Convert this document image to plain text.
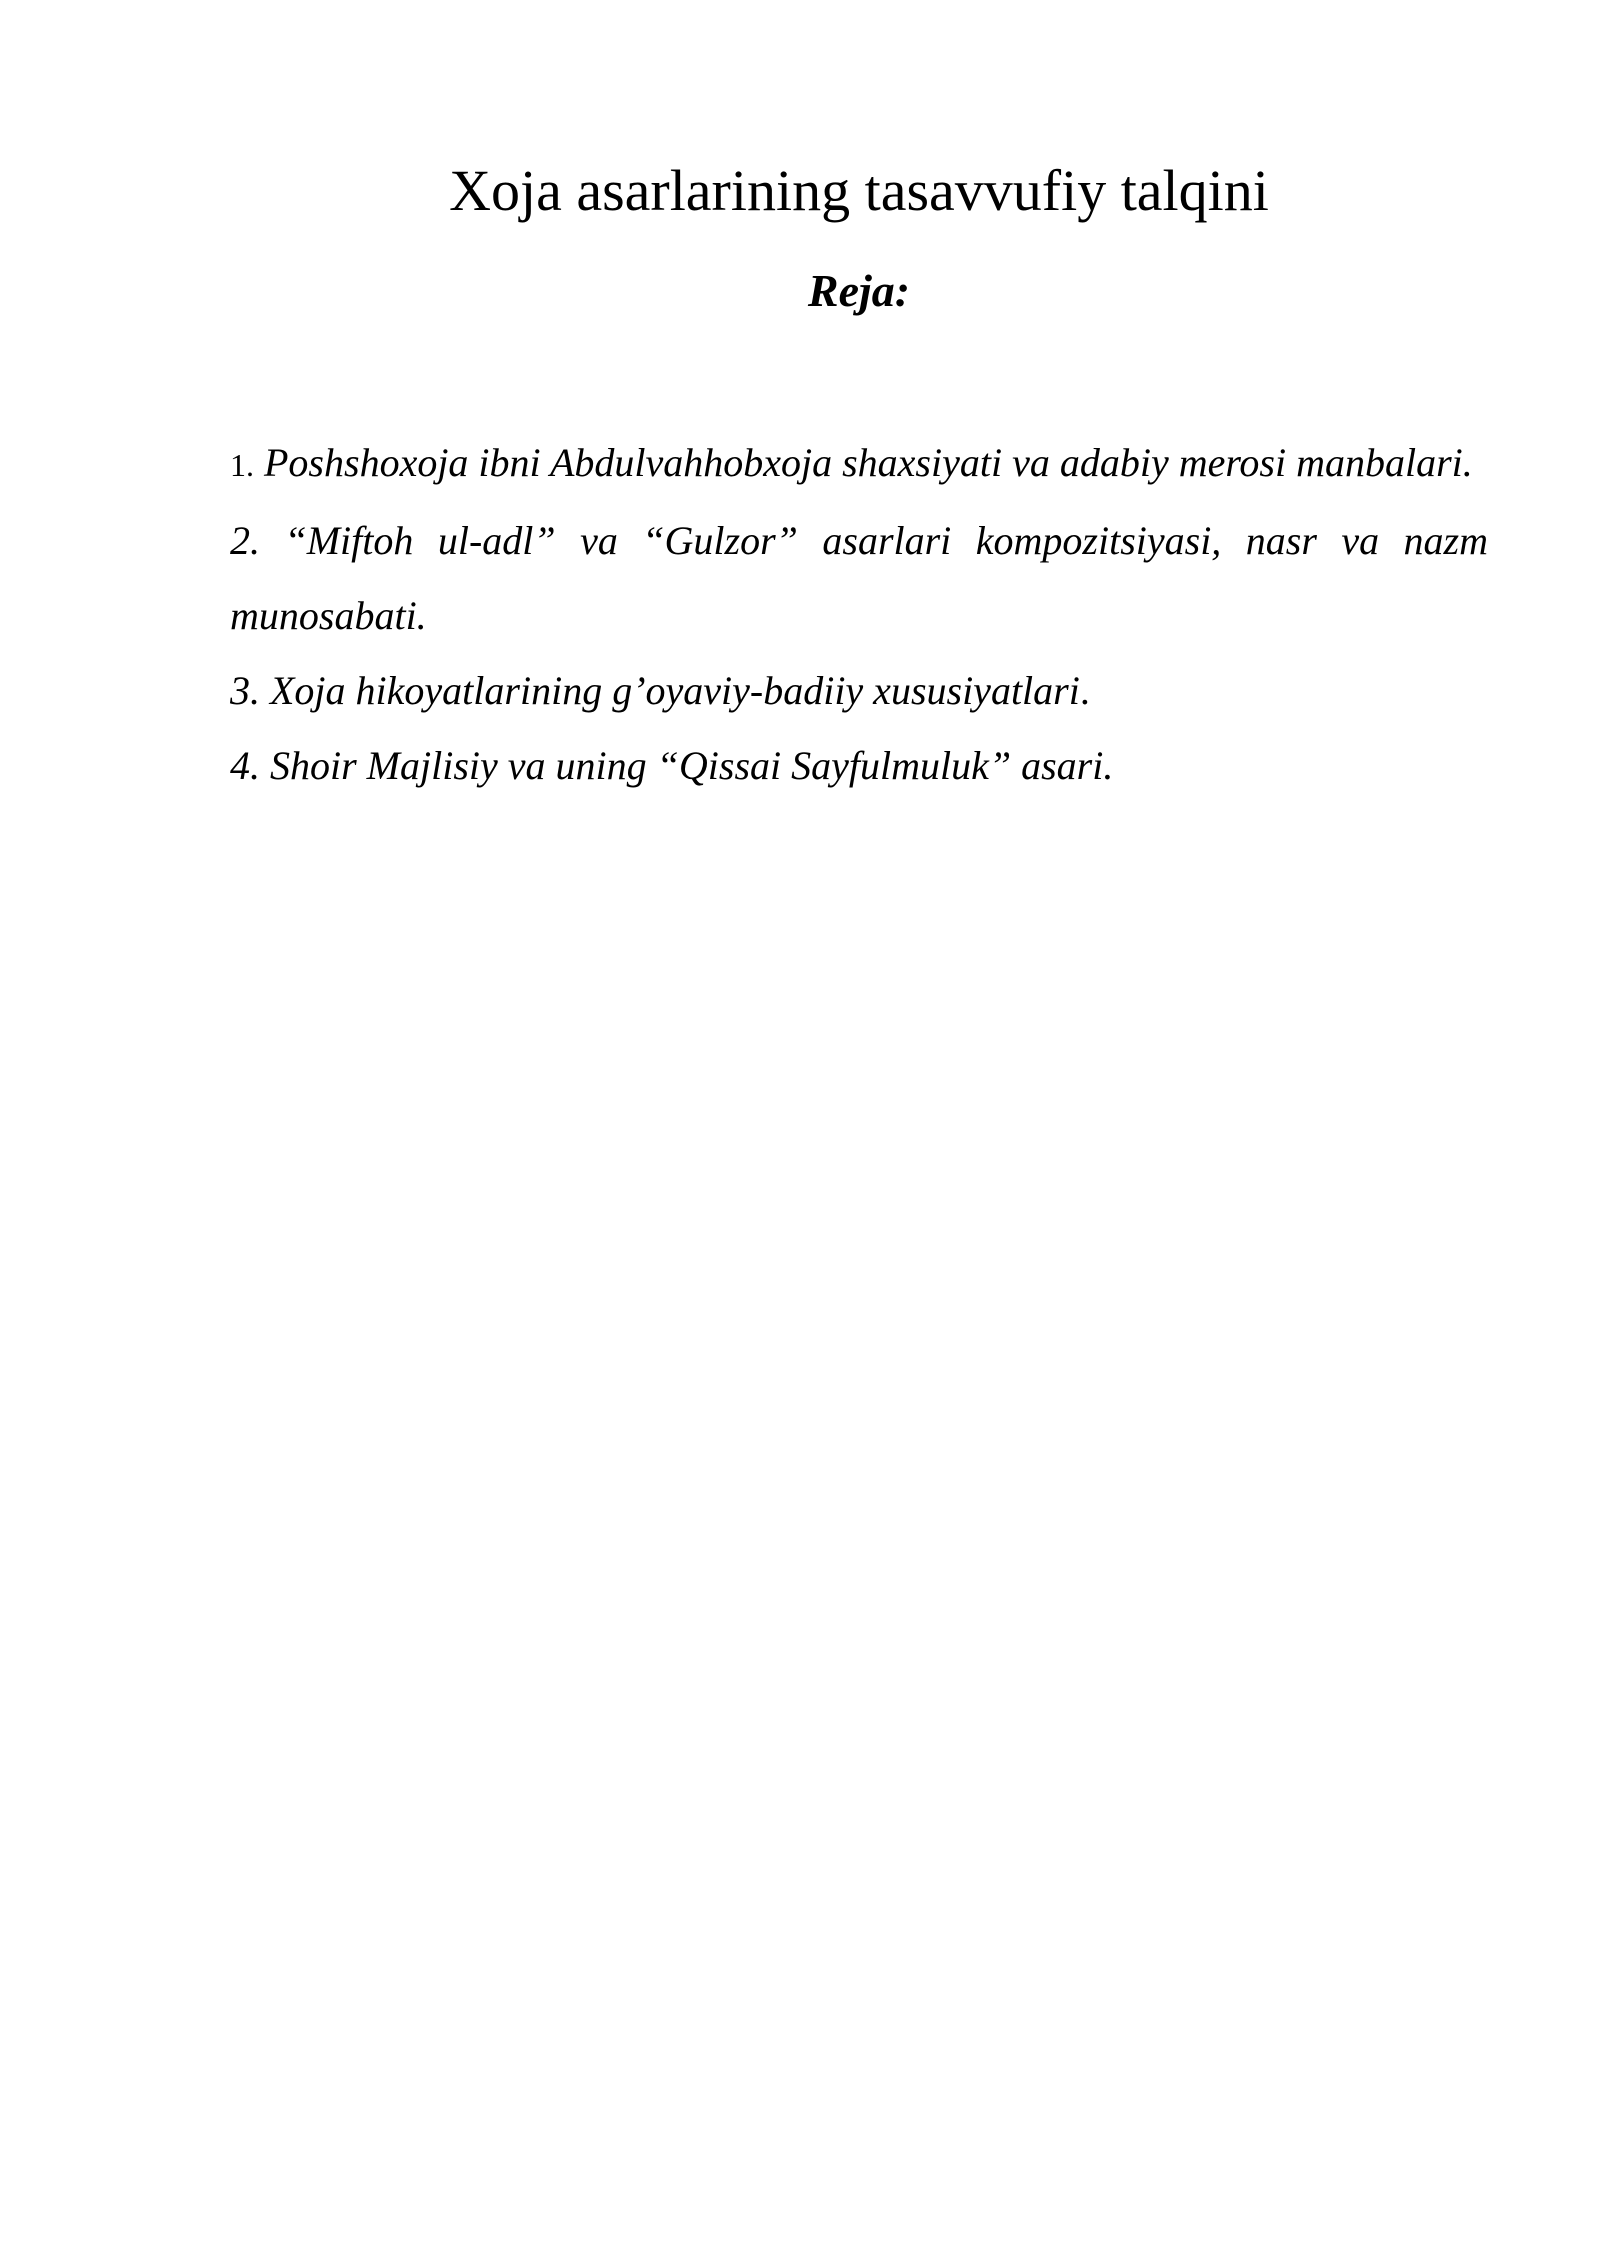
Xoja asarlarining tasavvufiy talqini
Reja:
1. Poshshoxoja ibni Abdulvahhobxoja shaxsiyati va adabiy merosi manbalari.
2. “Miftoh ul-adl” va “Gulzor” asarlari kompozitsiyasi, nasr va nazm munosabati.
3. Xoja hikoyatlarining g’oyaviy-badiiy xususiyatlari.
4. Shoir Majlisiy va uning “Qissai Sayfulmuluk” asari.
